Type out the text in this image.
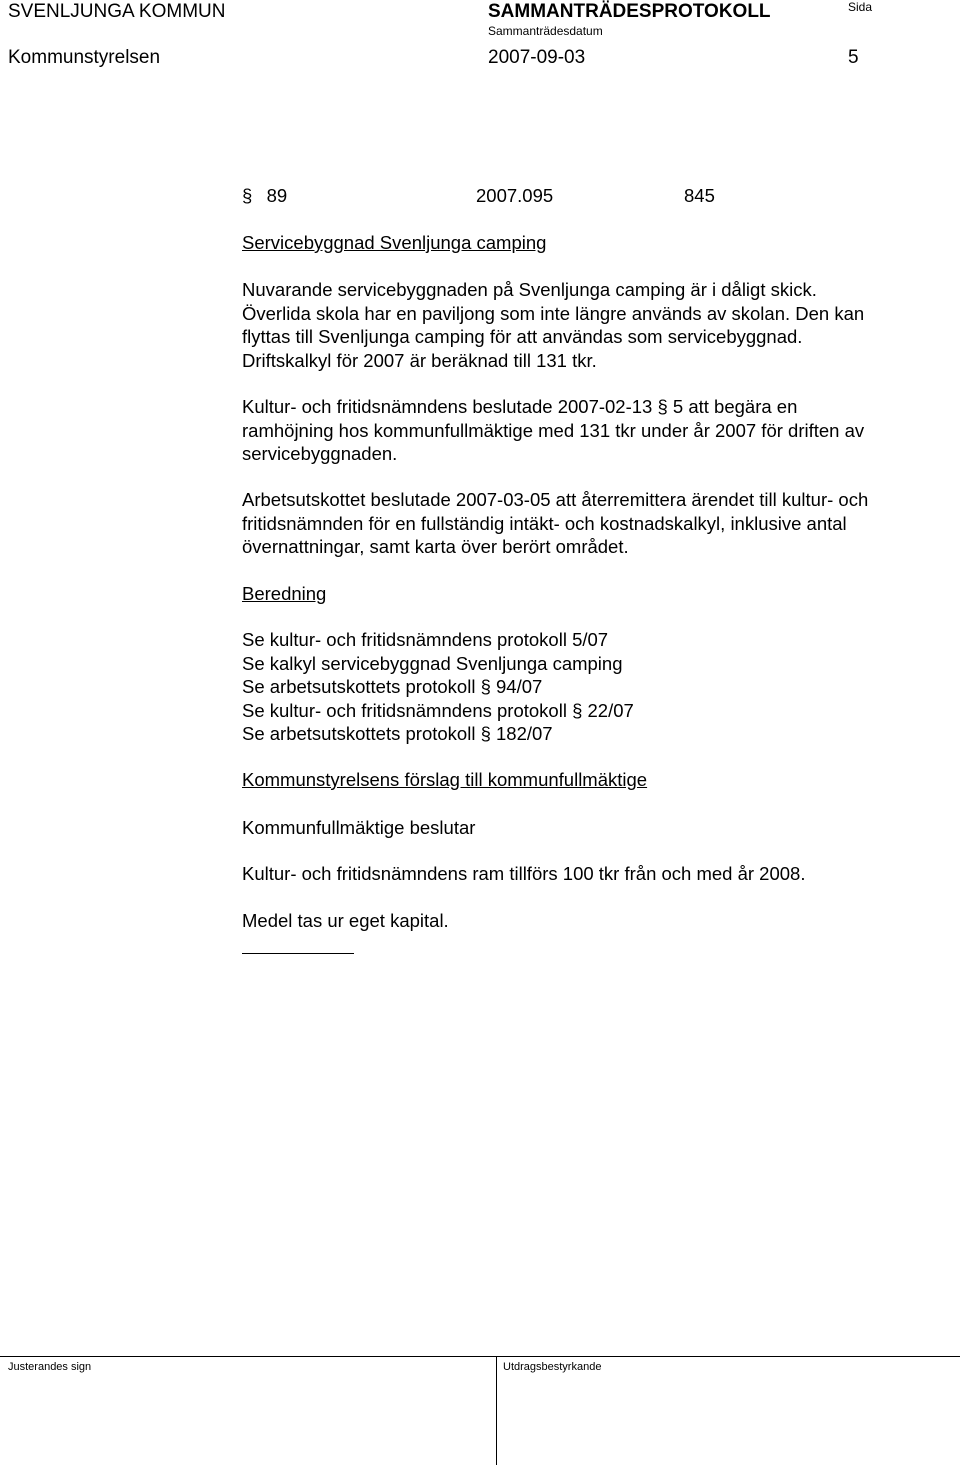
SVENLJUNGA KOMMUN	SAMMANTRÄDESPROTOKOLL	Sida
Sammanträdesdatum
Kommunstyrelsen	2007-09-03	5
§ 89	2007.095	845
Servicebyggnad Svenljunga camping
Nuvarande servicebyggnaden på Svenljunga camping är i dåligt skick.
Överlida skola har en paviljong som inte längre används av skolan. Den kan
flyttas till Svenljunga camping för att användas som servicebyggnad.
Driftskalkyl för 2007 är beräknad till 131 tkr.
Kultur- och fritidsnämndens beslutade 2007-02-13 § 5 att begära en
ramhöjning hos kommunfullmäktige med 131 tkr under år 2007 för driften av
servicebyggnaden.
Arbetsutskottet beslutade 2007-03-05 att återremittera ärendet till kultur- och
fritidsnämnden för en fullständig intäkt- och kostnadskalkyl, inklusive antal
övernattningar, samt karta över berört området.
Beredning
Se kultur- och fritidsnämndens protokoll 5/07
Se kalkyl servicebyggnad Svenljunga camping
Se arbetsutskottets protokoll § 94/07
Se kultur- och fritidsnämndens protokoll § 22/07
Se arbetsutskottets protokoll § 182/07
Kommunstyrelsens förslag till kommunfullmäktige
Kommunfullmäktige beslutar
Kultur- och fritidsnämndens ram tillförs 100 tkr från och med år 2008.
Medel tas ur eget kapital.
Justerandes sign	Utdragsbestyrkande
